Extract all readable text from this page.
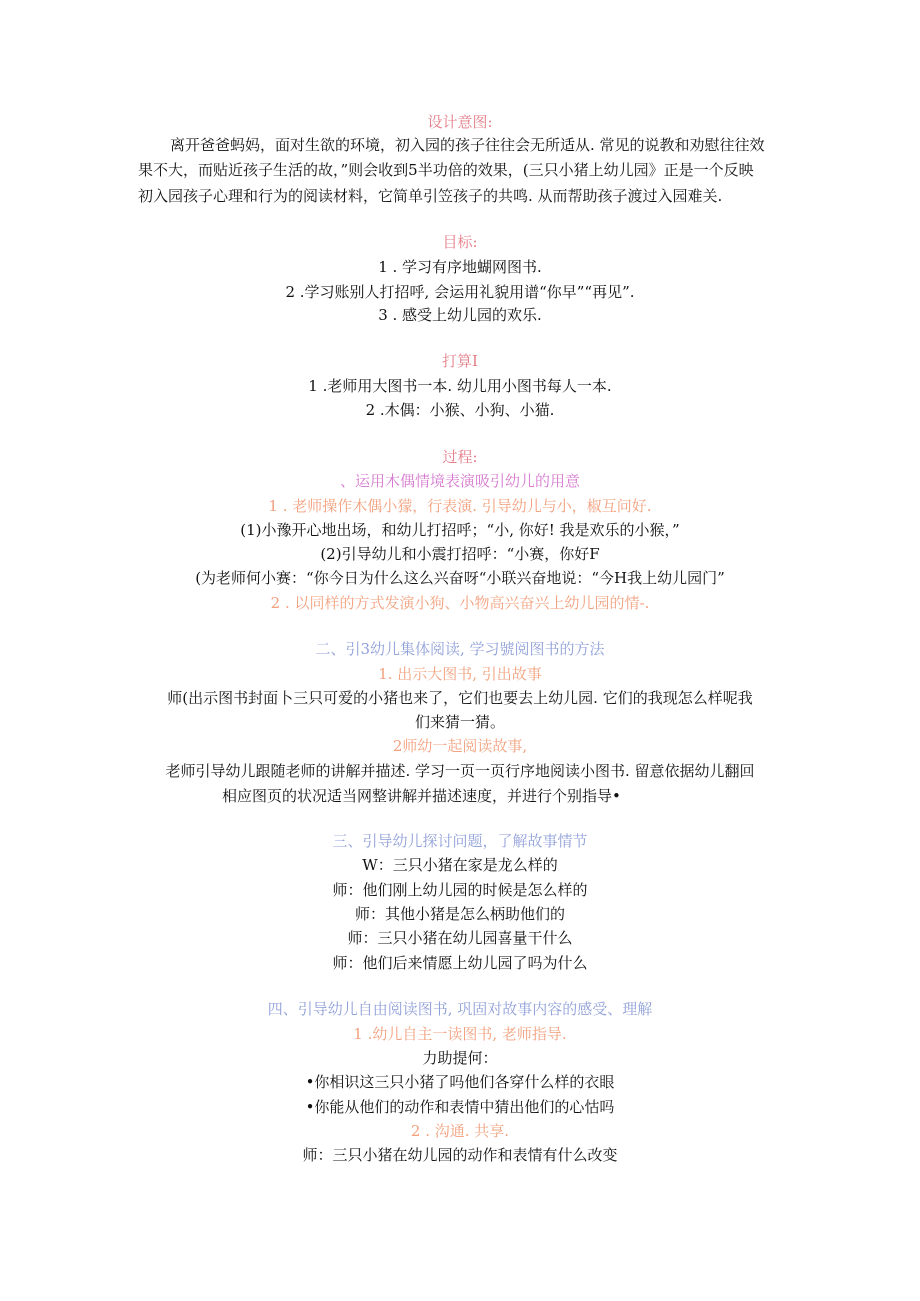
设计意图:
离开爸爸蚂妈，面对生欲的环境，初入园的孩子往往会无所适从. 常见的说教和劝慰往往效
果不大，而贴近孩子生活的故，”则会收到5半功倍的效果，(三只小猪上幼儿园》正是一个反映
初入园孩子心理和行为的阅读材料，它简单引笠孩子的共鸣. 从而帮助孩子渡过入园难关.
目标:
1 . 学习有序地蝴网图书.
2 .学习账别人打招呼, 会运用礼貌用谱“你早”“再见”.
3 . 感受上幼儿园的欢乐.
打算I
1 .老师用大图书一本. 幼儿用小图书每人一本.
2 .木偶：小猴、小狗、小猫.
过程:
、运用木偶情境表演吸引幼儿的用意
1 . 老师操作木偶小獴，行表演. 引导幼儿与小，椒互问好.
(1)小豫开心地出场，和幼儿打招呼；“小, 你好! 我是欢乐的小猴，”
(2)引导幼儿和小震打招呼：“小赛，你好F
(为老师何小赛：“你今日为什么这么兴奋呀“小联兴奋地说：“今H我上幼儿园门”
2 . 以同样的方式发演小狗、小物高兴奋兴上幼儿园的情-.
二、引3幼儿集体阅读, 学习號阅图书的方法
1. 出示大图书, 引出故事
师(出示图书封面卜三只可爱的小猪也来了，它们也要去上幼儿园. 它们的我现怎么样呢我
们来猜一猜。
2师幼一起阅读故事,
老师引导幼儿跟随老师的讲解并描述. 学习一页一页行序地阅读小图书. 留意依据幼儿翻回
相应图页的状况适当网整讲解并描述速度，并进行个别指导•
三、引导幼儿探讨问题，了解故事情节
W：三只小猪在家是龙么样的
师：他们刚上幼儿园的时候是怎么样的
师：其他小猪是怎么柄助他们的
师：三只小猪在幼儿园喜量干什么
师：他们后来情愿上幼儿园了吗为什么
四、引导幼儿自由阅读图书, 巩固对故事内容的感受、理解
1 .幼儿自主一读图书, 老师指导.
力助提何：
•你相识这三只小猪了吗他们各穿什么样的衣眼
•你能从他们的动作和表情中猜出他们的心怙吗
2 . 沟通. 共享.
师：三只小猪在幼儿园的动作和表情有什么改变
